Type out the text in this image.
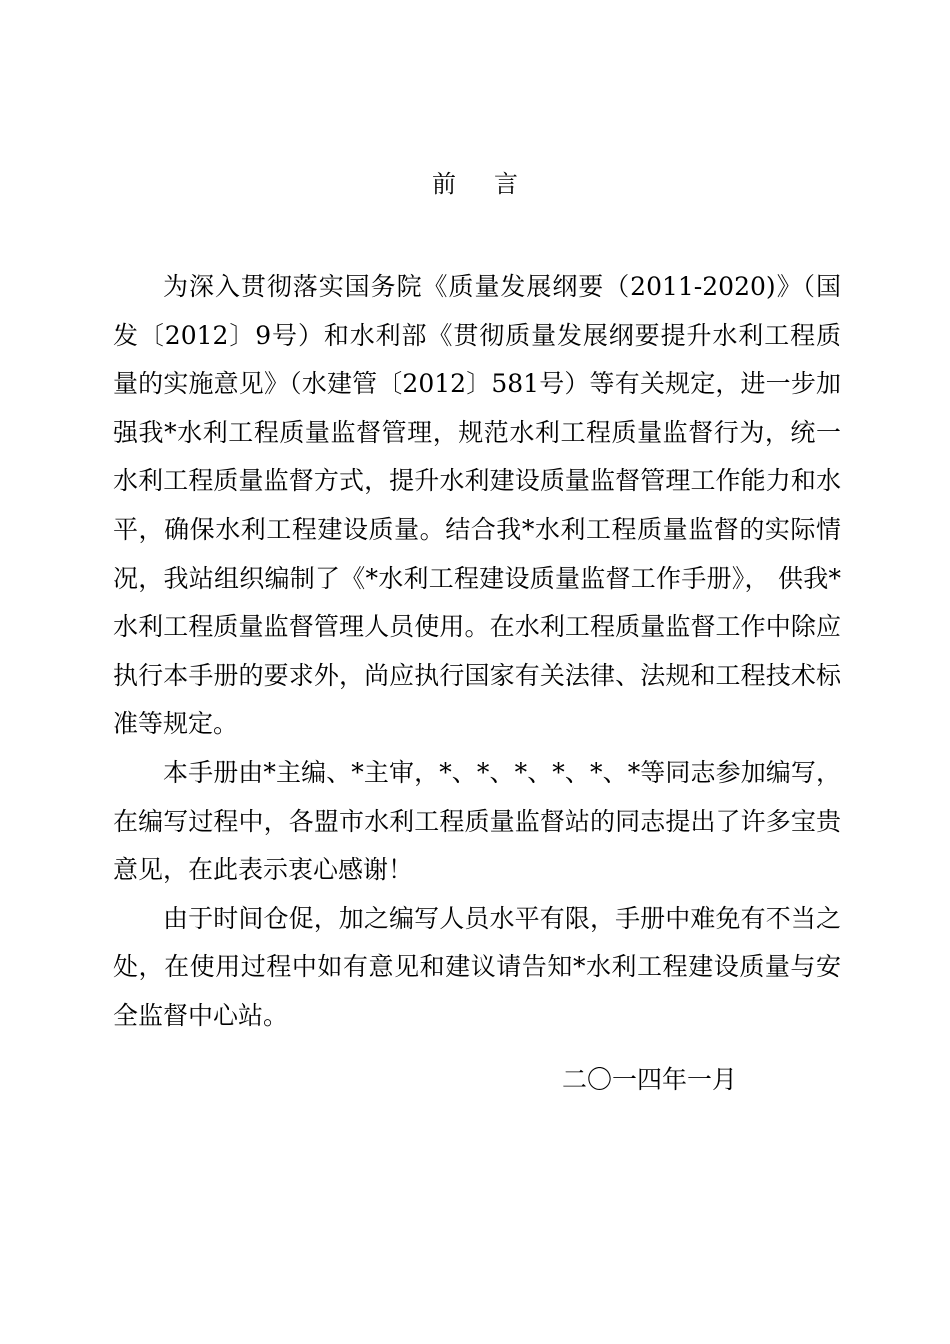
前 言

为深入贯彻落实国务院《质量发展纲要（2011-2020)》（国发〔2012〕9号）和水利部《贯彻质量发展纲要提升水利工程质量的实施意见》（水建管〔2012〕581号）等有关规定，进一步加强我*水利工程质量监督管理，规范水利工程质量监督行为，统一水利工程质量监督方式，提升水利建设质量监督管理工作能力和水平，确保水利工程建设质量。结合我*水利工程质量监督的实际情况，我站组织编制了《*水利工程建设质量监督工作手册》， 供我*水利工程质量监督管理人员使用。在水利工程质量监督工作中除应执行本手册的要求外，尚应执行国家有关法律、法规和工程技术标准等规定。

本手册由*主编、*主审，*、*、*、*、*、*等同志参加编写，在编写过程中，各盟市水利工程质量监督站的同志提出了许多宝贵意见，在此表示衷心感谢！

由于时间仓促，加之编写人员水平有限，手册中难免有不当之处，在使用过程中如有意见和建议请告知*水利工程建设质量与安全监督中心站。

二〇一四年一月
